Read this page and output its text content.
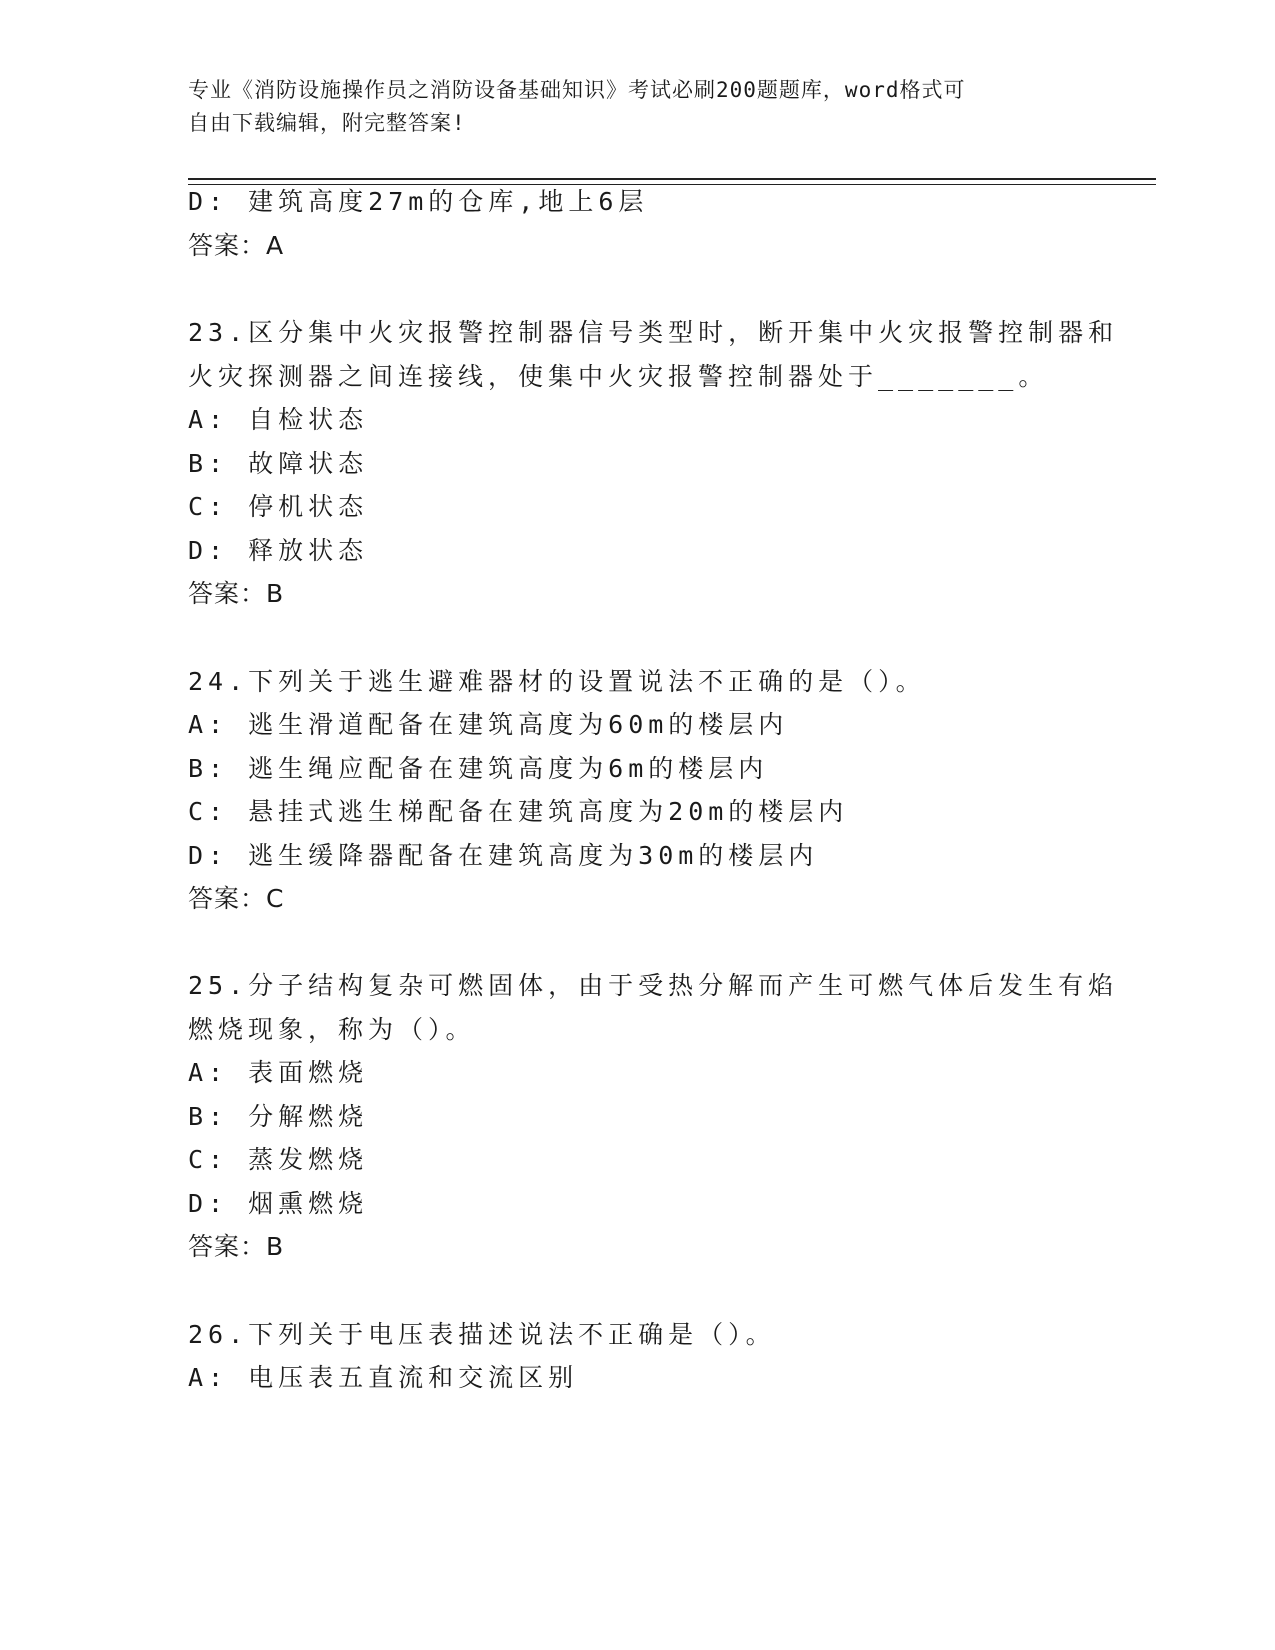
专业《消防设施操作员之消防设备基础知识》考试必刷200题题库，word格式可
自由下载编辑，附完整答案!
D: 建筑高度27m的仓库,地上6层
答案：A
23.区分集中火灾报警控制器信号类型时，断开集中火灾报警控制器和
火灾探测器之间连接线，使集中火灾报警控制器处于_______。
A: 自检状态
B: 故障状态
C: 停机状态
D: 释放状态
答案：B
24.下列关于逃生避难器材的设置说法不正确的是（）。
A: 逃生滑道配备在建筑高度为60m的楼层内
B: 逃生绳应配备在建筑高度为6m的楼层内
C: 悬挂式逃生梯配备在建筑高度为20m的楼层内
D: 逃生缓降器配备在建筑高度为30m的楼层内
答案：C
25.分子结构复杂可燃固体，由于受热分解而产生可燃气体后发生有焰
燃烧现象，称为（）。
A: 表面燃烧
B: 分解燃烧
C: 蒸发燃烧
D: 烟熏燃烧
答案：B
26.下列关于电压表描述说法不正确是（）。
A: 电压表五直流和交流区别
